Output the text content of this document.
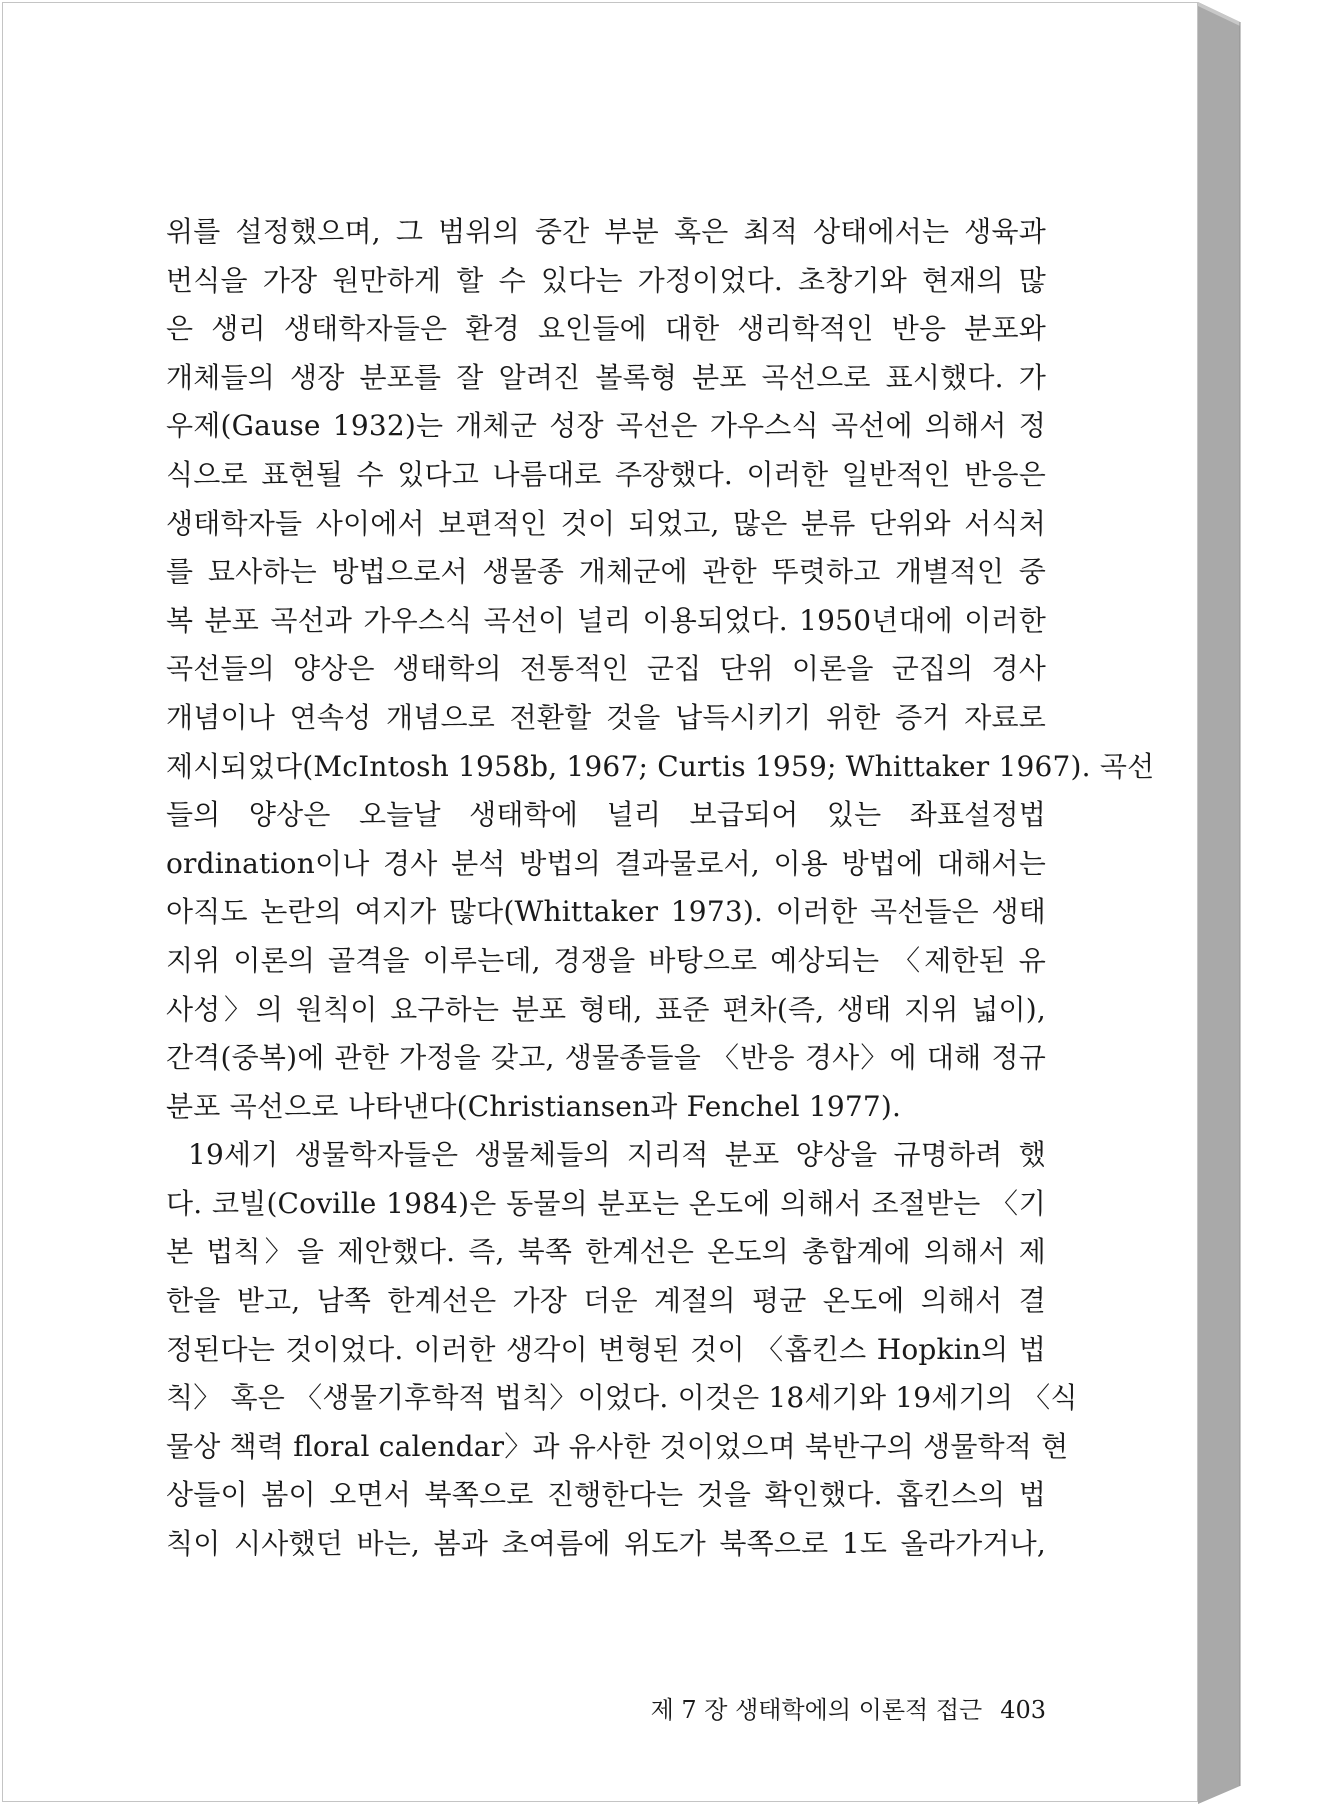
위를 설정했으며, 그 범위의 중간 부분 혹은 최적 상태에서는 생육과
번식을 가장 원만하게 할 수 있다는 가정이었다. 초창기와 현재의 많
은 생리 생태학자들은 환경 요인들에 대한 생리학적인 반응 분포와
개체들의 생장 분포를 잘 알려진 볼록형 분포 곡선으로 표시했다. 가
우제(Gause 1932)는 개체군 성장 곡선은 가우스식 곡선에 의해서 정
식으로 표현될 수 있다고 나름대로 주장했다. 이러한 일반적인 반응은
생태학자들 사이에서 보편적인 것이 되었고, 많은 분류 단위와 서식처
를 묘사하는 방법으로서 생물종 개체군에 관한 뚜렷하고 개별적인 중
복 분포 곡선과 가우스식 곡선이 널리 이용되었다. 1950년대에 이러한
곡선들의 양상은 생태학의 전통적인 군집 단위 이론을 군집의 경사
개념이나 연속성 개념으로 전환할 것을 납득시키기 위한 증거 자료로
제시되었다(McIntosh 1958b, 1967; Curtis 1959; Whittaker 1967). 곡선
들의 양상은 오늘날 생태학에 널리 보급되어 있는 좌표설정법
ordination이나 경사 분석 방법의 결과물로서, 이용 방법에 대해서는
아직도 논란의 여지가 많다(Whittaker 1973). 이러한 곡선들은 생태
지위 이론의 골격을 이루는데, 경쟁을 바탕으로 예상되는 〈제한된 유
사성〉의 원칙이 요구하는 분포 형태, 표준 편차(즉, 생태 지위 넓이),
간격(중복)에 관한 가정을 갖고, 생물종들을 〈반응 경사〉에 대해 정규
분포 곡선으로 나타낸다(Christiansen과 Fenchel 1977).
19세기 생물학자들은 생물체들의 지리적 분포 양상을 규명하려 했
다. 코빌(Coville 1984)은 동물의 분포는 온도에 의해서 조절받는 〈기
본 법칙〉을 제안했다. 즉, 북쪽 한계선은 온도의 총합계에 의해서 제
한을 받고, 남쪽 한계선은 가장 더운 계절의 평균 온도에 의해서 결
정된다는 것이었다. 이러한 생각이 변형된 것이 〈홉킨스 Hopkin의 법
칙〉 혹은 〈생물기후학적 법칙〉이었다. 이것은 18세기와 19세기의 〈식
물상 책력 floral calendar〉과 유사한 것이었으며 북반구의 생물학적 현
상들이 봄이 오면서 북쪽으로 진행한다는 것을 확인했다. 홉킨스의 법
칙이 시사했던 바는, 봄과 초여름에 위도가 북쪽으로 1도 올라가거나,
제 7 장 생태학에의 이론적 접근 403
